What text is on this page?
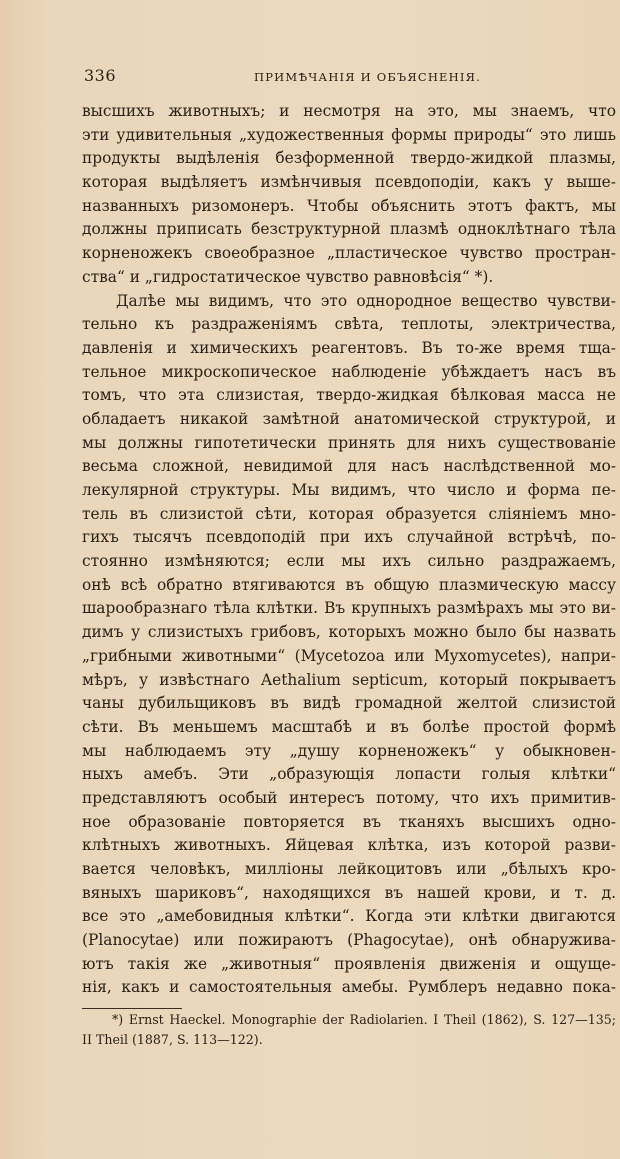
336	ПРИМѢЧАНІЯ И ОБЪЯСНЕНІЯ.
высшихъ животныхъ; и несмотря на это, мы знаемъ, что
эти удивительныя „художественныя формы природы“ это лишь
продукты выдѣленія безформенной твердо-жидкой плазмы,
которая выдѣляетъ измѣнчивыя псевдоподіи, какъ у выше-
названныхъ ризомонеръ. Чтобы объяснить этотъ фактъ, мы
должны приписать безструктурной плазмѣ одноклѣтнаго тѣла
корненожекъ своеобразное „пластическое чувство простран-
ства“ и „гидростатическое чувство равновѣсія“ *).
Далѣе мы видимъ, что это однородное вещество чувстви-
тельно къ раздраженіямъ свѣта, теплоты, электричества,
давленія и химическихъ реагентовъ. Въ то-же время тща-
тельное микроскопическое наблюденіе убѣждаетъ насъ въ
томъ, что эта слизистая, твердо-жидкая бѣлковая масса не
обладаетъ никакой замѣтной анатомической структурой, и
мы должны гипотетически принять для нихъ существованіе
весьма сложной, невидимой для насъ наслѣдственной мо-
лекулярной структуры. Мы видимъ, что число и форма пе-
тель въ слизистой сѣти, которая образуется сліяніемъ мно-
гихъ тысячъ псевдоподій при ихъ случайной встрѣчѣ, по-
стоянно измѣняются; если мы ихъ сильно раздражаемъ,
онѣ всѣ обратно втягиваются въ общую плазмическую массу
шарообразнаго тѣла клѣтки. Въ крупныхъ размѣрахъ мы это ви-
димъ у слизистыхъ грибовъ, которыхъ можно было бы назвать
„грибными животными“ (Mycetozoa или Myxomycetes), напри-
мѣръ, у извѣстнаго Aethalium septicum, который покрываетъ
чаны дубильщиковъ въ видѣ громадной желтой слизистой
сѣти. Въ меньшемъ масштабѣ и въ болѣе простой формѣ
мы наблюдаемъ эту „душу корненожекъ“ у обыкновен-
ныхъ амебъ. Эти „образующія лопасти голыя клѣтки“
представляютъ особый интересъ потому, что ихъ примитив-
ное образованіе повторяется въ тканяхъ высшихъ одно-
клѣтныхъ животныхъ. Яйцевая клѣтка, изъ которой разви-
вается человѣкъ, милліоны лейкоцитовъ или „бѣлыхъ кро-
вяныхъ шариковъ“, находящихся въ нашей крови, и т. д.
все это „амебовидныя клѣтки“. Когда эти клѣтки двигаются
(Planocytae) или пожираютъ (Phagocytae), онѣ обнаружива-
ютъ такія же „животныя“ проявленія движенія и ощуще-
нія, какъ и самостоятельныя амебы. Румблеръ недавно пока-
*) Ernst Haeckel. Monographie der Radiolarien. I Theil (1862), S. 127—135;
II Theil (1887, S. 113—122).
